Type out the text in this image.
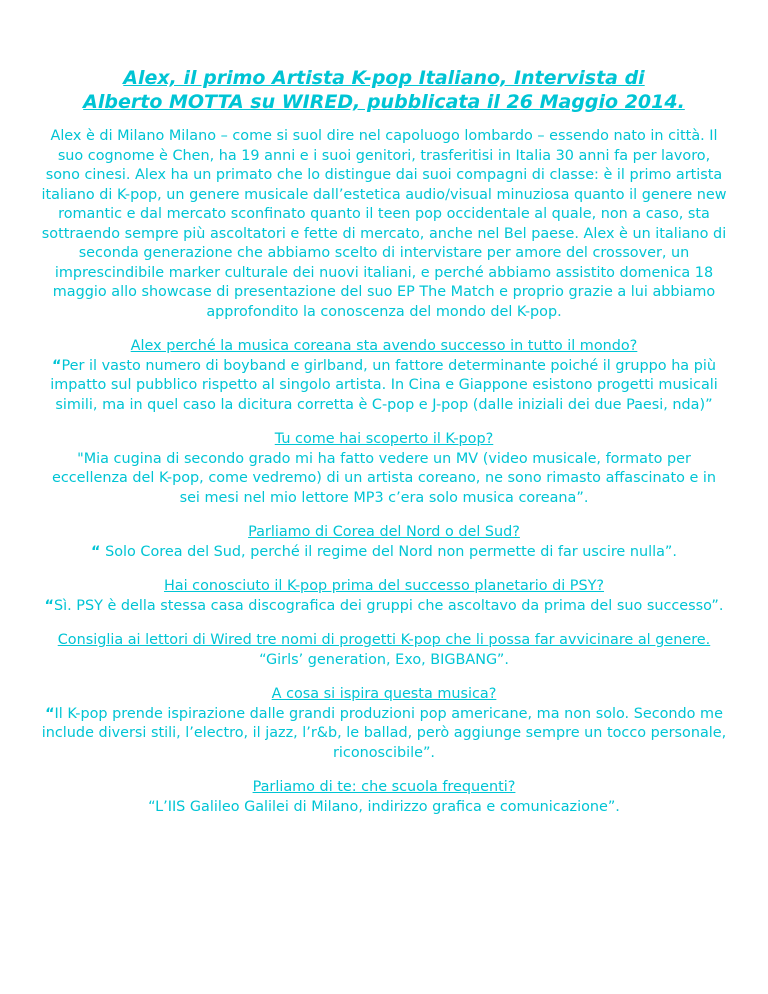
Alex, il primo Artista K-pop Italiano, Intervista di
Alberto MOTTA su WIRED, pubblicata il 26 Maggio 2014.

Alex è di Milano Milano – come si suol dire nel capoluogo lombardo – essendo nato in città. Il suo cognome è Chen, ha 19 anni e i suoi genitori, trasferitisi in Italia 30 anni fa per lavoro, sono cinesi. Alex ha un primato che lo distingue dai suoi compagni di classe: è il primo artista italiano di K-pop, un genere musicale dall’estetica audio/visual minuziosa quanto il genere new romantic e dal mercato sconfinato quanto il teen pop occidentale al quale, non a caso, sta sottraendo sempre più ascoltatori e fette di mercato, anche nel Bel paese. Alex è un italiano di seconda generazione che abbiamo scelto di intervistare per amore del crossover, un imprescindibile marker culturale dei nuovi italiani, e perché abbiamo assistito domenica 18 maggio allo showcase di presentazione del suo EP The Match e proprio grazie a lui abbiamo approfondito la conoscenza del mondo del K-pop.

Alex perché la musica coreana sta avendo successo in tutto il mondo?
“Per il vasto numero di boyband e girlband, un fattore determinante poiché il gruppo ha più impatto sul pubblico rispetto al singolo artista. In Cina e Giappone esistono progetti musicali simili, ma in quel caso la dicitura corretta è C-pop e J-pop (dalle iniziali dei due Paesi, nda)”
Tu come hai scoperto il K-pop?
"Mia cugina di secondo grado mi ha fatto vedere un MV (video musicale, formato per eccellenza del K-pop, come vedremo) di un artista coreano, ne sono rimasto affascinato e in sei mesi nel mio lettore MP3 c’era solo musica coreana”.
Parliamo di Corea del Nord o del Sud?
“ Solo Corea del Sud, perché il regime del Nord non permette di far uscire nulla”.
Hai conosciuto il K-pop prima del successo planetario di PSY?
“Sì. PSY è della stessa casa discografica dei gruppi che ascoltavo da prima del suo successo”.
Consiglia ai lettori di Wired tre nomi di progetti K-pop che li possa far avvicinare al genere.
“Girls’ generation, Exo, BIGBANG”.
A cosa si ispira questa musica?
“Il K-pop prende ispirazione dalle grandi produzioni pop americane, ma non solo. Secondo me include diversi stili, l’electro, il jazz, l’r&b, le ballad, però aggiunge sempre un tocco personale, riconoscibile”.
Parliamo di te: che scuola frequenti?
“L’IIS Galileo Galilei di Milano, indirizzo grafica e comunicazione”.
